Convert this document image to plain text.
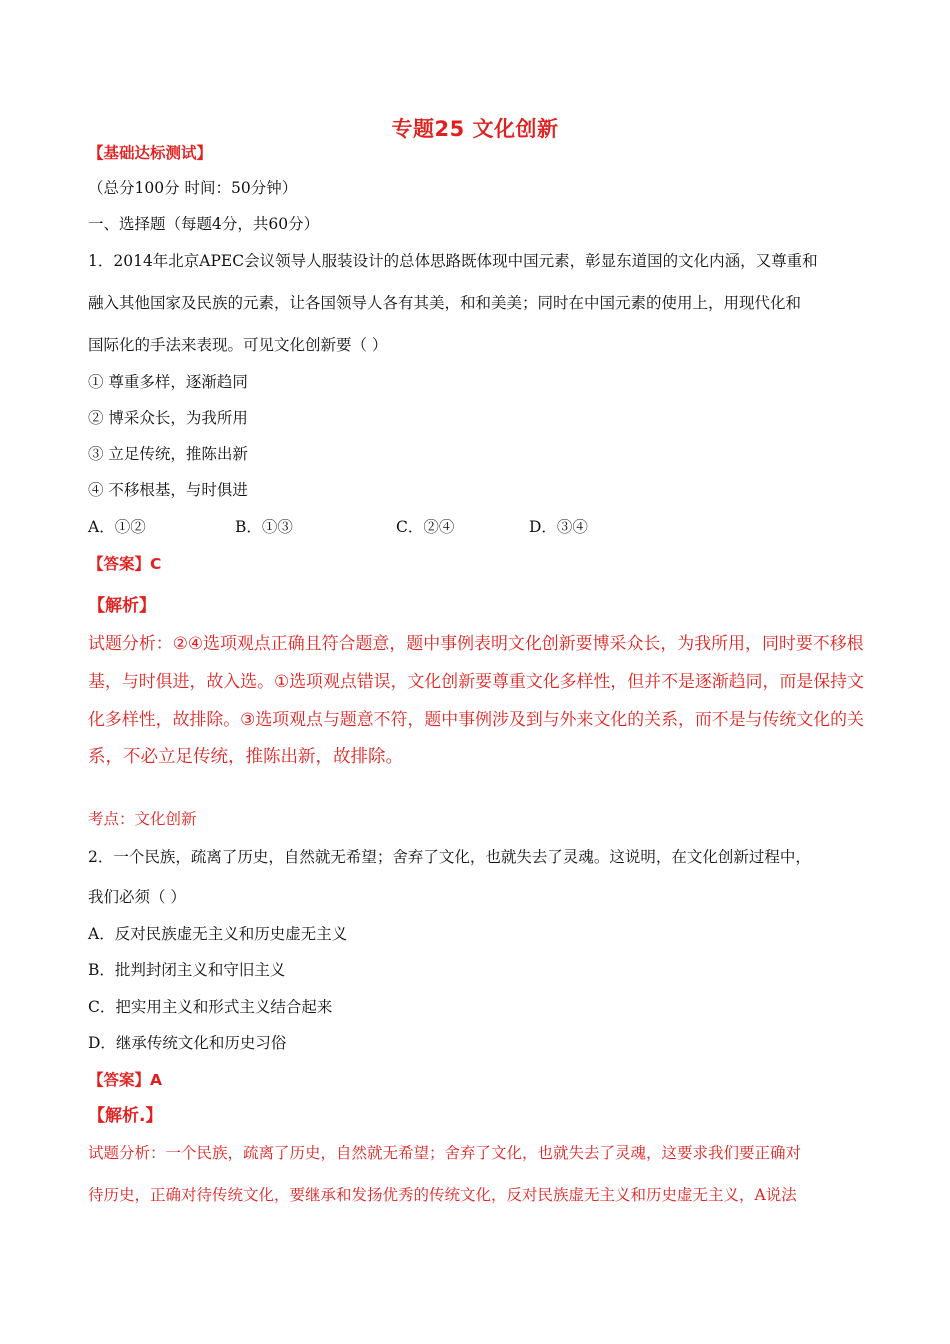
专题25 文化创新
【基础达标测试】
（总分100分 时间：50分钟）
一、选择题（每题4分，共60分）
1．2014年北京APEC会议领导人服装设计的总体思路既体现中国元素，彰显东道国的文化内涵，又尊重和
融入其他国家及民族的元素，让各国领导人各有其美，和和美美；同时在中国元素的使用上，用现代化和
国际化的手法来表现。可见文化创新要（ ）
① 尊重多样，逐渐趋同
② 博采众长，为我所用
③ 立足传统，推陈出新
④ 不移根基，与时俱进
A．①②	B．①③	C．②④	D．③④
【答案】C
【解析】
试题分析：②④选项观点正确且符合题意，题中事例表明文化创新要博采众长，为我所用，同时要不移根
基，与时俱进，故入选。①选项观点错误，文化创新要尊重文化多样性，但并不是逐渐趋同，而是保持文
化多样性，故排除。③选项观点与题意不符，题中事例涉及到与外来文化的关系，而不是与传统文化的关
系，不必立足传统，推陈出新，故排除。
考点：文化创新
2．一个民族，疏离了历史，自然就无希望；舍弃了文化，也就失去了灵魂。这说明，在文化创新过程中，
我们必须（ ）
A．反对民族虚无主义和历史虚无主义
B．批判封闭主义和守旧主义
C．把实用主义和形式主义结合起来
D．继承传统文化和历史习俗
【答案】A
【解析.】
试题分析：一个民族，疏离了历史，自然就无希望；舍弃了文化，也就失去了灵魂，这要求我们要正确对
待历史，正确对待传统文化，要继承和发扬优秀的传统文化，反对民族虚无主义和历史虚无主义，A说法
